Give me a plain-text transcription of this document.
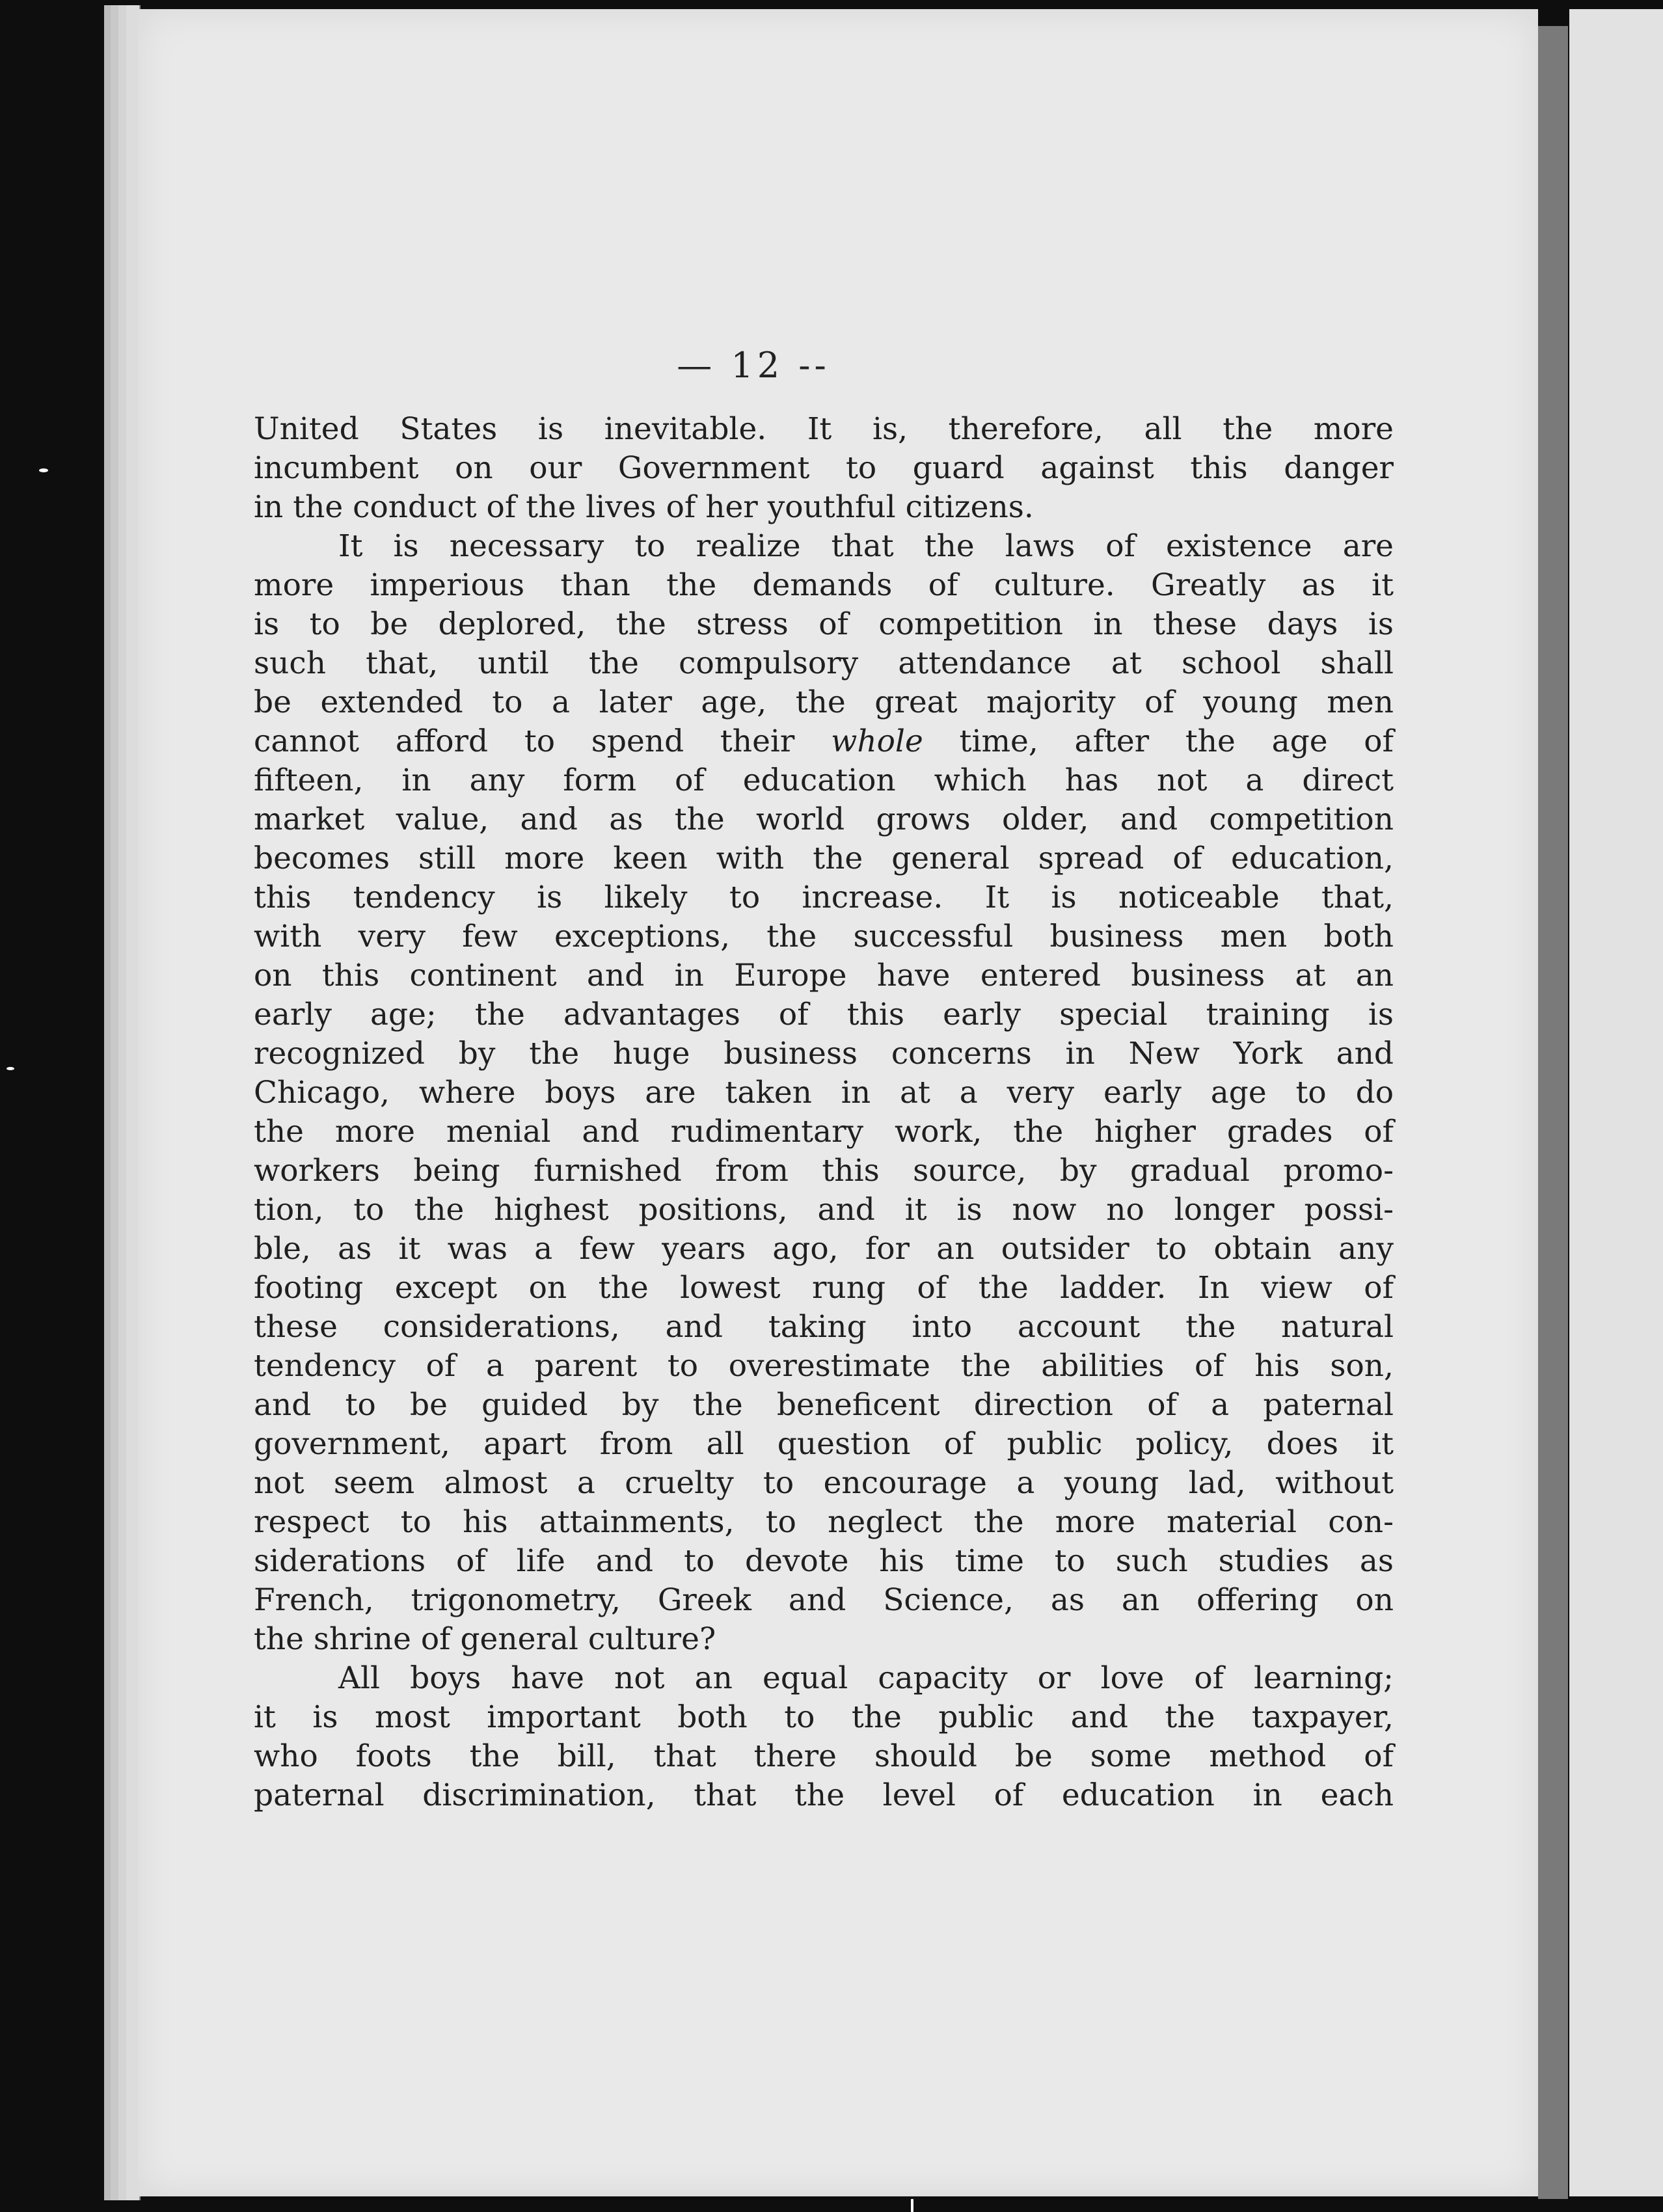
— 12 --
United States is inevitable. It is, therefore, all the more
incumbent on our Government to guard against this danger
in the conduct of the lives of her youthful citizens.
It is necessary to realize that the laws of existence are
more imperious than the demands of culture. Greatly as it
is to be deplored, the stress of competition in these days is
such that, until the compulsory attendance at school shall
be extended to a later age, the great majority of young men
cannot afford to spend their whole time, after the age of
fifteen, in any form of education which has not a direct
market value, and as the world grows older, and competition
becomes still more keen with the general spread of education,
this tendency is likely to increase. It is noticeable that,
with very few exceptions, the successful business men both
on this continent and in Europe have entered business at an
early age; the advantages of this early special training is
recognized by the huge business concerns in New York and
Chicago, where boys are taken in at a very early age to do
the more menial and rudimentary work, the higher grades of
workers being furnished from this source, by gradual promo-
tion, to the highest positions, and it is now no longer possi-
ble, as it was a few years ago, for an outsider to obtain any
footing except on the lowest rung of the ladder. In view of
these considerations, and taking into account the natural
tendency of a parent to overestimate the abilities of his son,
and to be guided by the beneficent direction of a paternal
government, apart from all question of public policy, does it
not seem almost a cruelty to encourage a young lad, without
respect to his attainments, to neglect the more material con-
siderations of life and to devote his time to such studies as
French, trigonometry, Greek and Science, as an offering on
the shrine of general culture?
All boys have not an equal capacity or love of learning;
it is most important both to the public and the taxpayer,
who foots the bill, that there should be some method of
paternal discrimination, that the level of education in each
